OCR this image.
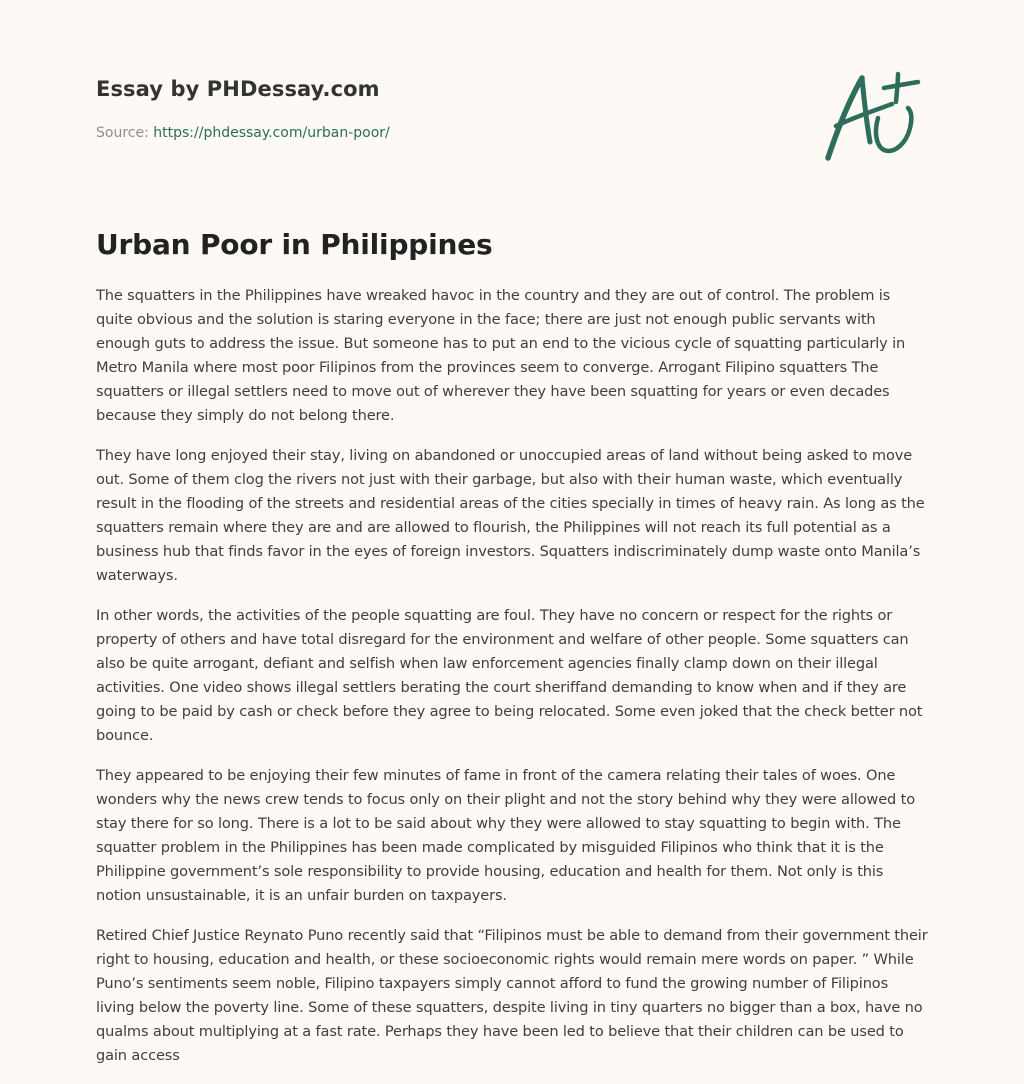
Essay by PHDessay.com
Source: https://phdessay.com/urban-poor/
Urban Poor in Philippines

The squatters in the Philippines have wreaked havoc in the country and they are out of control. The problem is quite obvious and the solution is staring everyone in the face; there are just not enough public servants with enough guts to address the issue. But someone has to put an end to the vicious cycle of squatting particularly in Metro Manila where most poor Filipinos from the provinces seem to converge. Arrogant Filipino squatters The squatters or illegal settlers need to move out of wherever they have been squatting for years or even decades because they simply do not belong there.

They have long enjoyed their stay, living on abandoned or unoccupied areas of land without being asked to move out. Some of them clog the rivers not just with their garbage, but also with their human waste, which eventually result in the flooding of the streets and residential areas of the cities specially in times of heavy rain. As long as the squatters remain where they are and are allowed to flourish, the Philippines will not reach its full potential as a business hub that finds favor in the eyes of foreign investors. Squatters indiscriminately dump waste onto Manila’s waterways.

In other words, the activities of the people squatting are foul. They have no concern or respect for the rights or property of others and have total disregard for the environment and welfare of other people. Some squatters can also be quite arrogant, defiant and selfish when law enforcement agencies finally clamp down on their illegal activities. One video shows illegal settlers berating the court sheriffand demanding to know when and if they are going to be paid by cash or check before they agree to being relocated. Some even joked that the check better not bounce.

They appeared to be enjoying their few minutes of fame in front of the camera relating their tales of woes. One wonders why the news crew tends to focus only on their plight and not the story behind why they were allowed to stay there for so long. There is a lot to be said about why they were allowed to stay squatting to begin with. The squatter problem in the Philippines has been made complicated by misguided Filipinos who think that it is the Philippine government’s sole responsibility to provide housing, education and health for them. Not only is this notion unsustainable, it is an unfair burden on taxpayers.

Retired Chief Justice Reynato Puno recently said that “Filipinos must be able to demand from their government their right to housing, education and health, or these socioeconomic rights would remain mere words on paper. ” While Puno’s sentiments seem noble, Filipino taxpayers simply cannot afford to fund the growing number of Filipinos living below the poverty line. Some of these squatters, despite living in tiny quarters no bigger than a box, have no qualms about multiplying at a fast rate. Perhaps they have been led to believe that their children can be used to gain access
